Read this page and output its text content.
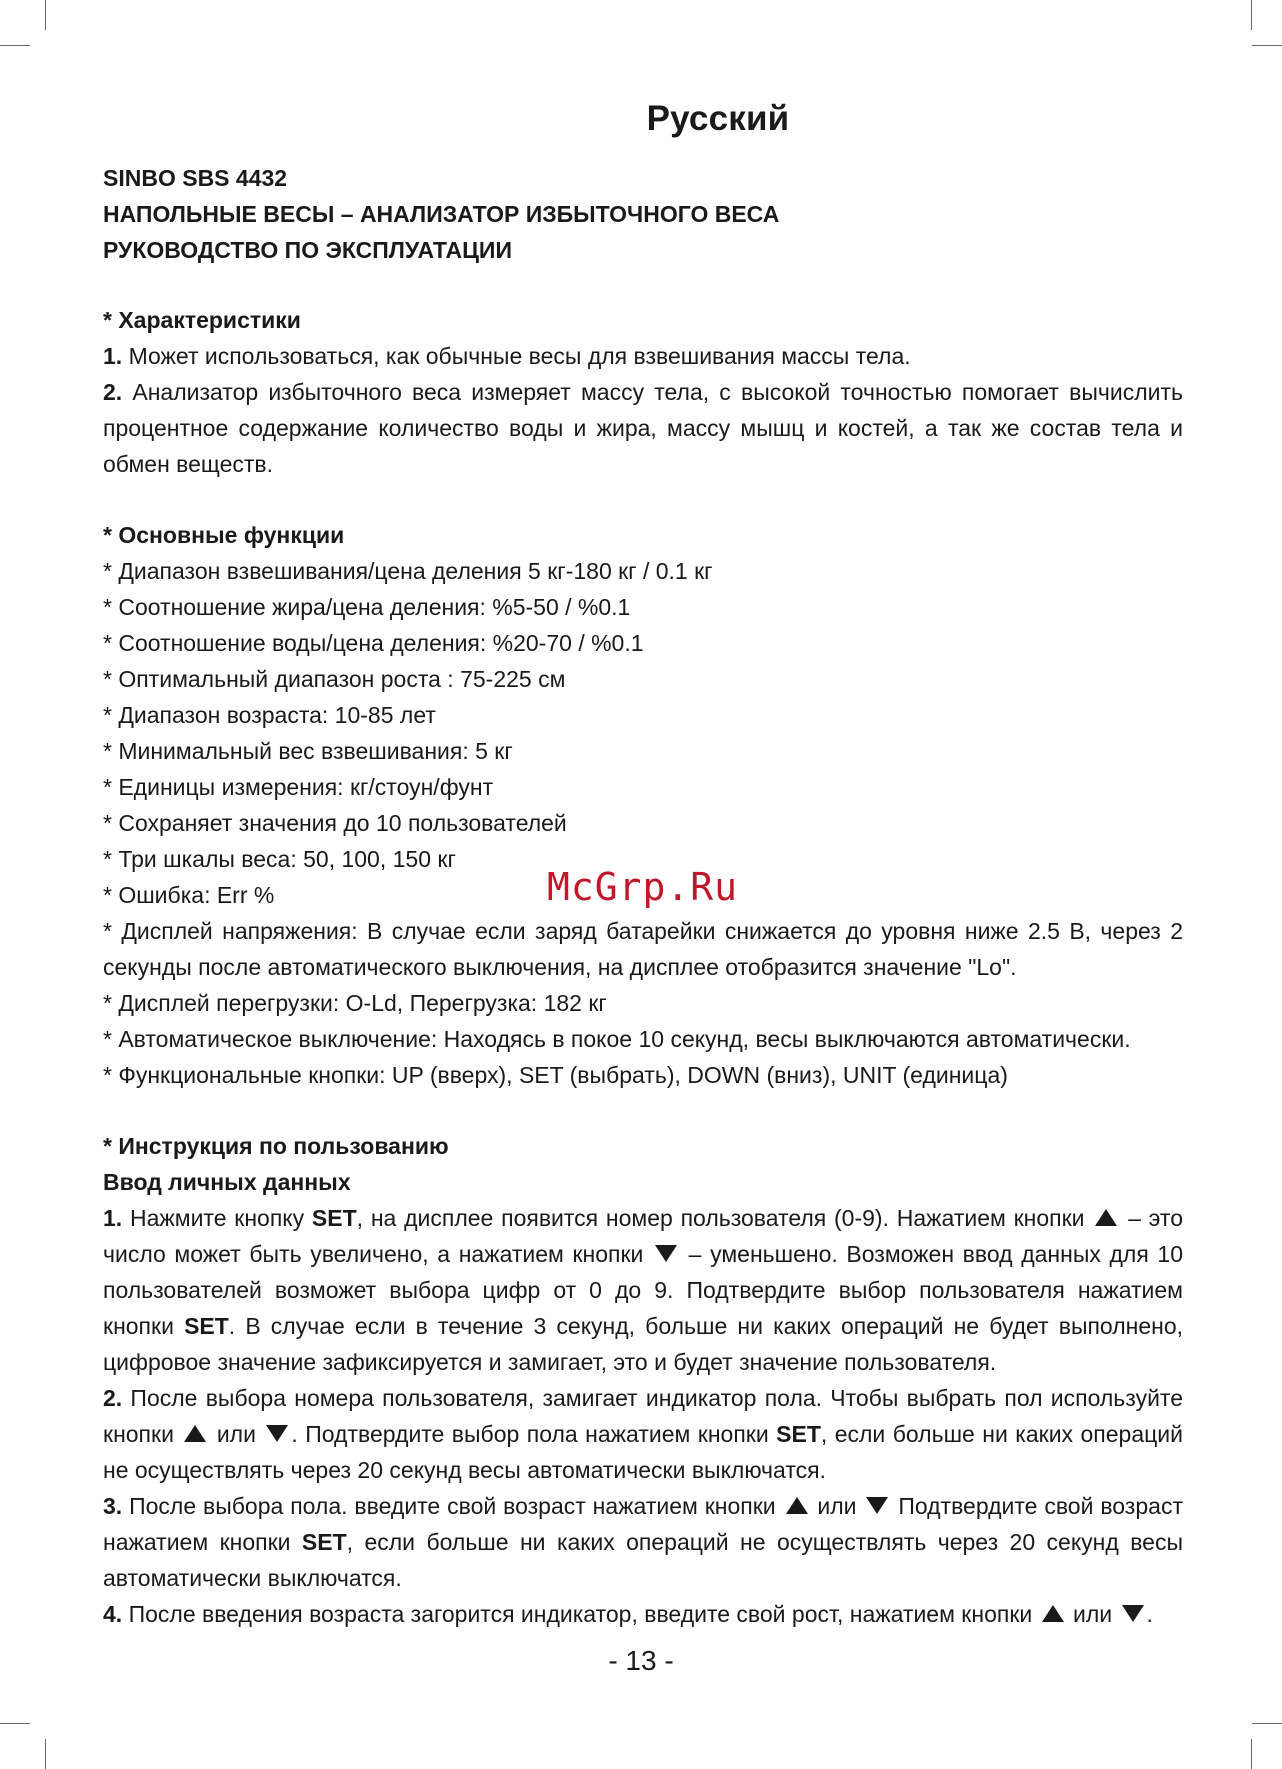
Русский

SINBO SBS 4432

НАПОЛЬНЫЕ ВЕСЫ – АНАЛИЗАТОР ИЗБЫТОЧНОГО ВЕСА

РУКОВОДСТВО ПО ЭКСПЛУАТАЦИИ

* Характеристики

1. Может использоваться, как обычные весы для взвешивания массы тела.

2. Анализатор избыточного веса измеряет массу тела, с высокой точностью помогает вычислить процентное содержание количество воды и жира, массу мышц и костей, а так же состав тела и обмен веществ.

* Основные функции

* Диапазон взвешивания/цена деления 5 кг-180 кг / 0.1 кг

* Соотношение жира/цена деления: %5-50 / %0.1

* Соотношение воды/цена деления: %20-70 / %0.1

* Оптимальный диапазон роста : 75-225 см

* Диапазон возраста: 10-85 лет

* Минимальный вес взвешивания: 5 кг

* Единицы измерения: кг/стоун/фунт

* Сохраняет значения до 10 пользователей

* Три шкалы веса: 50, 100, 150 кг

* Ошибка: Err %

* Дисплей напряжения: В случае если заряд батарейки снижается до уровня ниже 2.5 В, через 2 секунды после автоматического выключения, на дисплее отобразится значение "Lo".

* Дисплей перегрузки: O-Ld, Перегрузка: 182 кг

* Автоматическое выключение: Находясь в покое 10 секунд, весы выключаются автоматически.

* Функциональные кнопки: UP (вверх), SET (выбрать), DOWN (вниз), UNIT (единица)

* Инструкция по пользованию

Ввод личных данных

1. Нажмите кнопку SET, на дисплее появится номер пользователя (0-9). Нажатием кнопки  – это число может быть увеличено, а нажатием кнопки  – уменьшено. Возможен ввод данных для 10 пользователей возможет выбора цифр от 0 до 9. Подтвердите выбор пользователя нажатием кнопки SET. В случае если в течение 3 секунд, больше ни каких операций не будет выполнено, цифровое значение зафиксируется и замигает, это и будет значение пользователя.

2. После выбора номера пользователя, замигает индикатор пола. Чтобы выбрать пол используйте кнопки  или . Подтвердите выбор пола нажатием кнопки SET, если больше ни каких операций не осуществлять через 20 секунд весы автоматически выключатся.

3. После выбора пола. введите свой возраст нажатием кнопки  или  Подтвердите свой возраст нажатием кнопки SET, если больше ни каких операций не осуществлять через 20 секунд весы автоматически выключатся.

4. После введения возраста загорится индикатор, введите свой рост, нажатием кнопки  или .

McGrp.Ru
- 13 -
